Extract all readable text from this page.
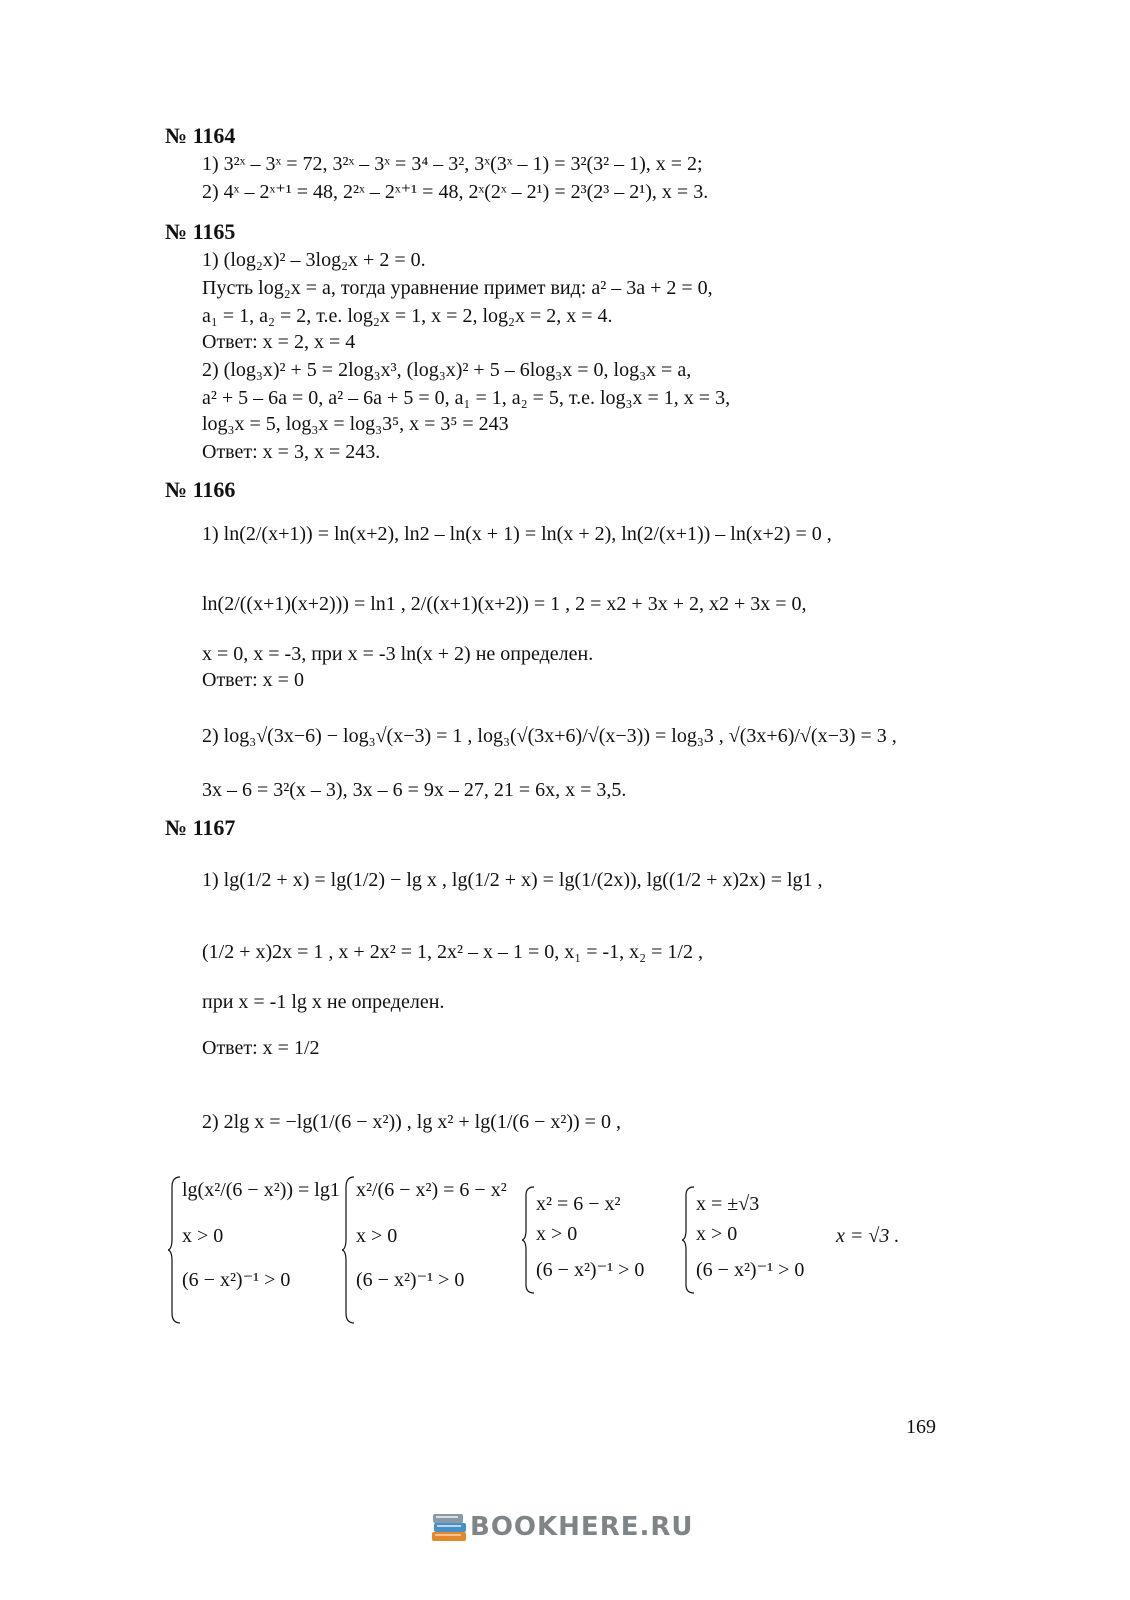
№ 1164
1) 3²ˣ – 3ˣ = 72, 3²ˣ – 3ˣ = 3⁴ – 3², 3ˣ(3ˣ – 1) = 3²(3² – 1), x = 2;
2) 4ˣ – 2ˣ⁺¹ = 48, 2²ˣ – 2ˣ⁺¹ = 48, 2ˣ(2ˣ – 2¹) = 2³(2³ – 2¹), x = 3.
№ 1165
1) (log₂x)² – 3log₂x + 2 = 0.
Пусть log₂x = a, тогда уравнение примет вид: a² – 3a + 2 = 0,
a₁ = 1, a₂ = 2, т.е. log₂x = 1, x = 2, log₂x = 2, x = 4.
Ответ: x = 2, x = 4
2) (log₃x)² + 5 = 2log₃x³, (log₃x)² + 5 – 6log₃x = 0, log₃x = a,
a² + 5 – 6a = 0, a² – 6a + 5 = 0, a₁ = 1, a₂ = 5, т.е. log₃x = 1, x = 3,
log₃x = 5, log₃x = log₃3⁵, x = 3⁵ = 243
Ответ: x = 3, x = 243.
№ 1166
1) ln(2/(x+1)) = ln(x+2), ln2 – ln(x + 1) = ln(x + 2), ln(2/(x+1)) – ln(x+2) = 0 ,
ln(2/((x+1)(x+2))) = ln1 , 2/((x+1)(x+2)) = 1 , 2 = x2 + 3x + 2, x2 + 3x = 0,
x = 0, x = -3, при x = -3 ln(x + 2) не определен.
Ответ: x = 0
2) log₃√(3x−6) − log₃√(x−3) = 1 , log₃(√(3x+6)/√(x−3)) = log₃3 , √(3x+6)/√(x−3) = 3 ,
3x – 6 = 3²(x – 3), 3x – 6 = 9x – 27, 21 = 6x, x = 3,5.
№ 1167
1) lg(1/2 + x) = lg(1/2) − lg x , lg(1/2 + x) = lg(1/(2x)), lg((1/2 + x)2x) = lg1 ,
(1/2 + x)2x = 1 , x + 2x² = 1, 2x² – x – 1 = 0, x₁ = -1, x₂ = 1/2 ,
при x = -1 lg x не определен.
Ответ: x = 1/2
2) 2lg x = −lg(1/(6 − x²)) , lg x² + lg(1/(6 − x²)) = 0 ,
lg(x²/(6 − x²)) = lg1
x > 0
(6 − x²)⁻¹ > 0
x²/(6 − x²) = 6 − x²
x > 0
(6 − x²)⁻¹ > 0
x² = 6 − x²
x > 0
(6 − x²)⁻¹ > 0
x = ±√3
x > 0
(6 − x²)⁻¹ > 0
x = √3 .
169
BOOKHERE.RU
